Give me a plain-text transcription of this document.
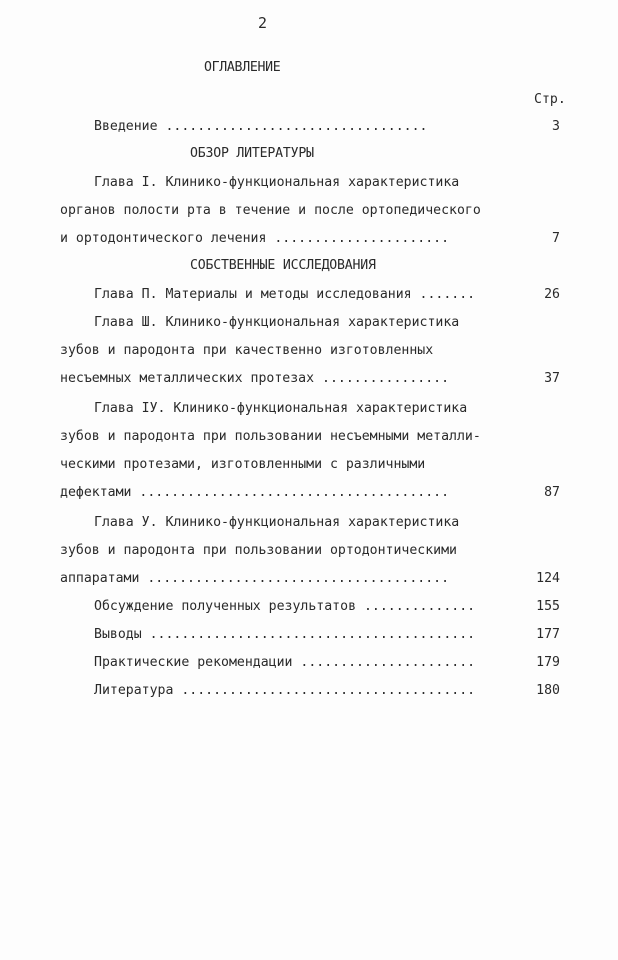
2
ОГЛАВЛЕНИЕ
Стр.
Введение .................................	3
ОБЗОР ЛИТЕРАТУРЫ
Глава I. Клинико-функциональная характеристика
органов полости рта в течение и после ортопедического
и ортодонтического лечения ......................	7
СОБСТВЕННЫЕ ИССЛЕДОВАНИЯ
Глава П. Материалы и методы исследования .......	26
Глава Ш. Клинико-функциональная характеристика
зубов и пародонта при качественно изготовленных
несъемных металлических протезах ................	37
Глава IУ. Клинико-функциональная характеристика
зубов и пародонта при пользовании несъемными металли-
ческими протезами, изготовленными с различными
дефектами .......................................	87
Глава У. Клинико-функциональная характеристика
зубов и пародонта при пользовании ортодонтическими
аппаратами ......................................	124
Обсуждение полученных результатов ..............	155
Выводы .........................................	177
Практические рекомендации ......................	179
Литература .....................................	180
